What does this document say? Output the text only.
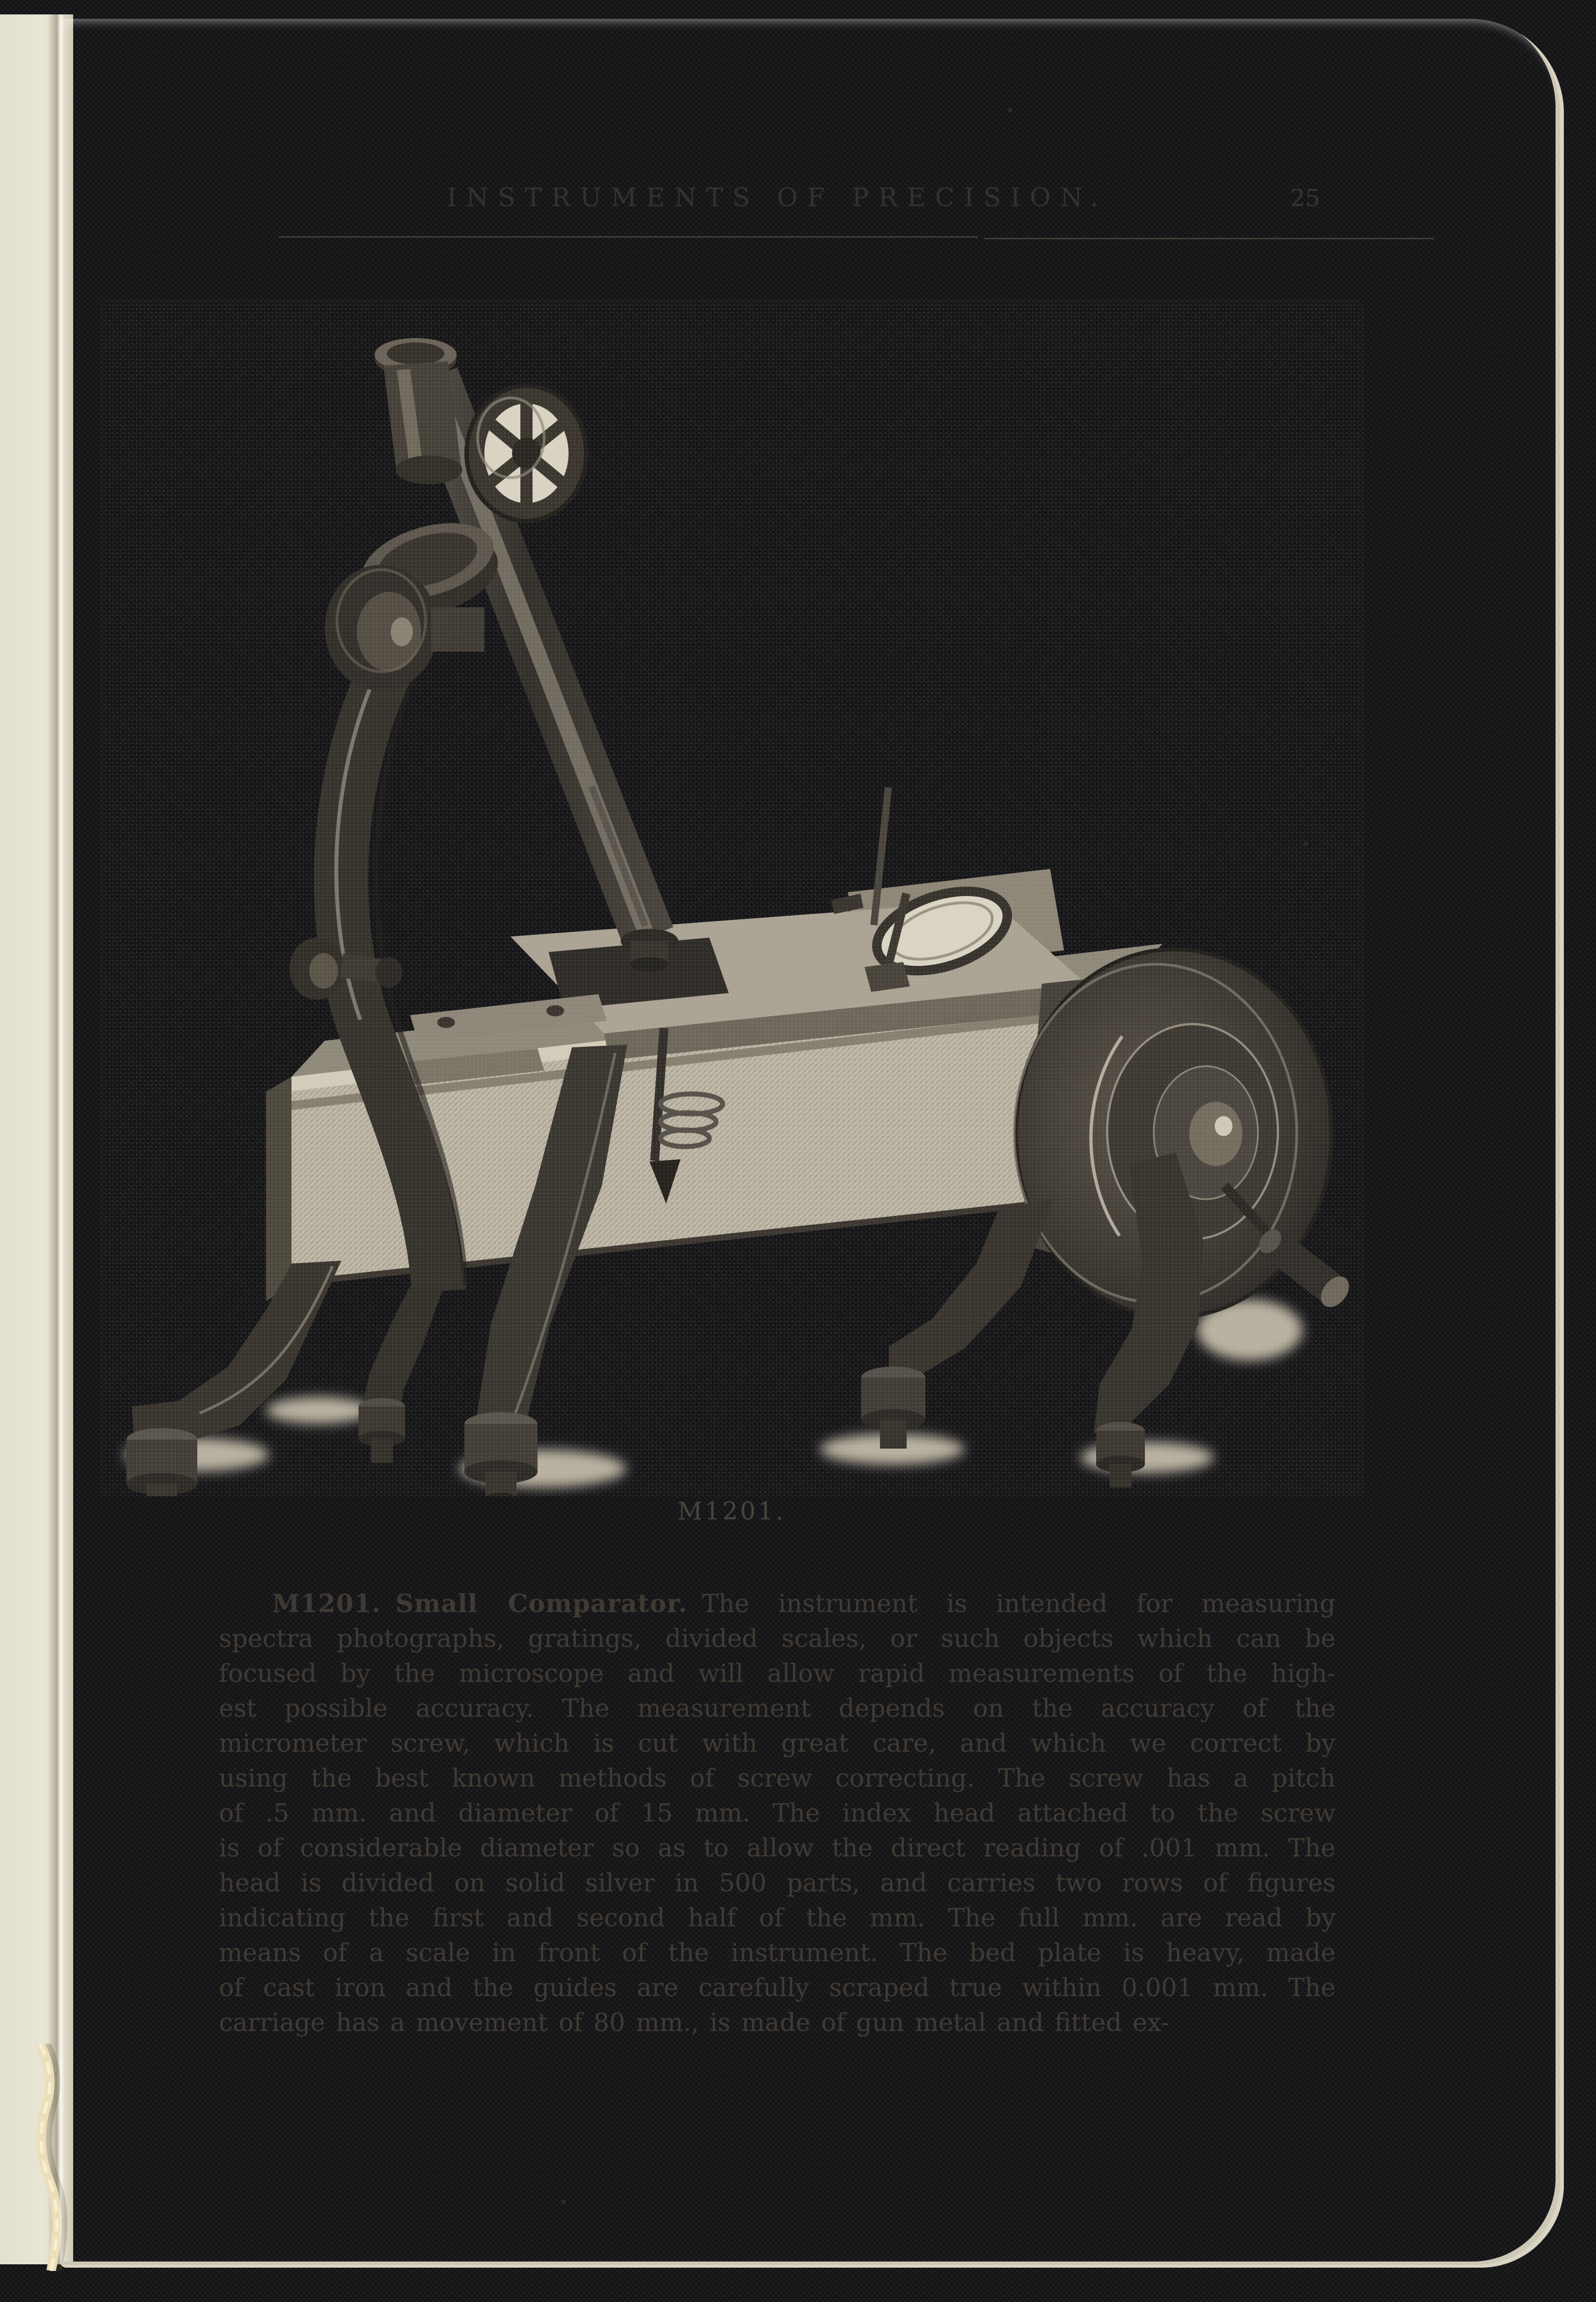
INSTRUMENTS OF PRECISION.	25
M1201.
M1201. Small Comparator. The instrument is intended for measuring
spectra photographs, gratings, divided scales, or such objects which can be
focused by the microscope and will allow rapid measurements of the high-
est possible accuracy. The measurement depends on the accuracy of the
micrometer screw, which is cut with great care, and which we correct by
using the best known methods of screw correcting. The screw has a pitch
of .5 mm. and diameter of 15 mm. The index head attached to the screw
is of considerable diameter so as to allow the direct reading of .001 mm. The
head is divided on solid silver in 500 parts, and carries two rows of figures
indicating the first and second half of the mm. The full mm. are read by
means of a scale in front of the instrument. The bed plate is heavy, made
of cast iron and the guides are carefully scraped true within 0.001 mm. The
carriage has a movement of 80 mm., is made of gun metal and fitted ex-
